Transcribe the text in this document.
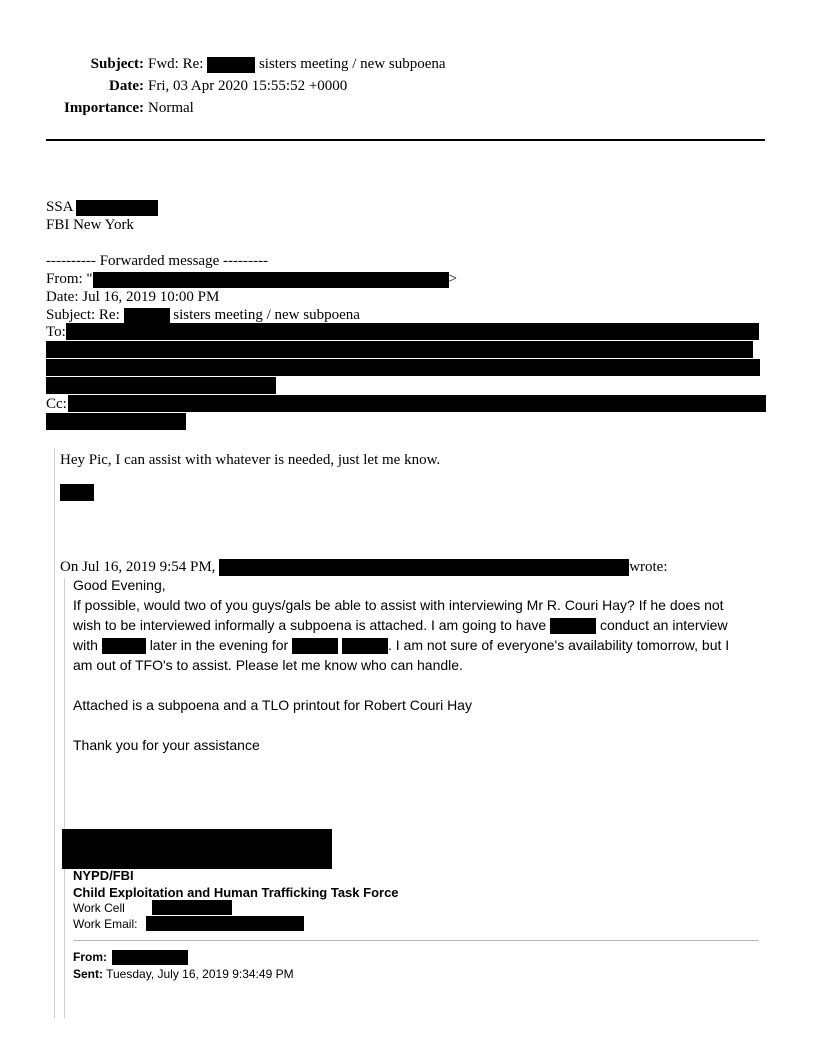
Subject: Fwd: Re:	sisters meeting / new subpoena
Date: Fri, 03 Apr 2020 15:55:52 +0000
Importance: Normal
SSA
FBI New York
---------- Forwarded message ---------
From: "	>
Date: Jul 16, 2019 10:00 PM
Subject: Re:	sisters meeting / new subpoena
To:
Cc:
Hey Pic, I can assist with whatever is needed, just let me know.
On Jul 16, 2019 9:54 PM,	wrote:
Good Evening,
If possible, would two of you guys/gals be able to assist with interviewing Mr R. Couri Hay? If he does not
wish to be interviewed informally a subpoena is attached. I am going to have	conduct an interview
with	later in the evening for	. I am not sure of everyone's availability tomorrow, but I
am out of TFO's to assist. Please let me know who can handle.
Attached is a subpoena and a TLO printout for Robert Couri Hay
Thank you for your assistance
NYPD/FBI
Child Exploitation and Human Trafficking Task Force
Work Cell
Work Email:
From:
Sent: Tuesday, July 16, 2019 9:34:49 PM
